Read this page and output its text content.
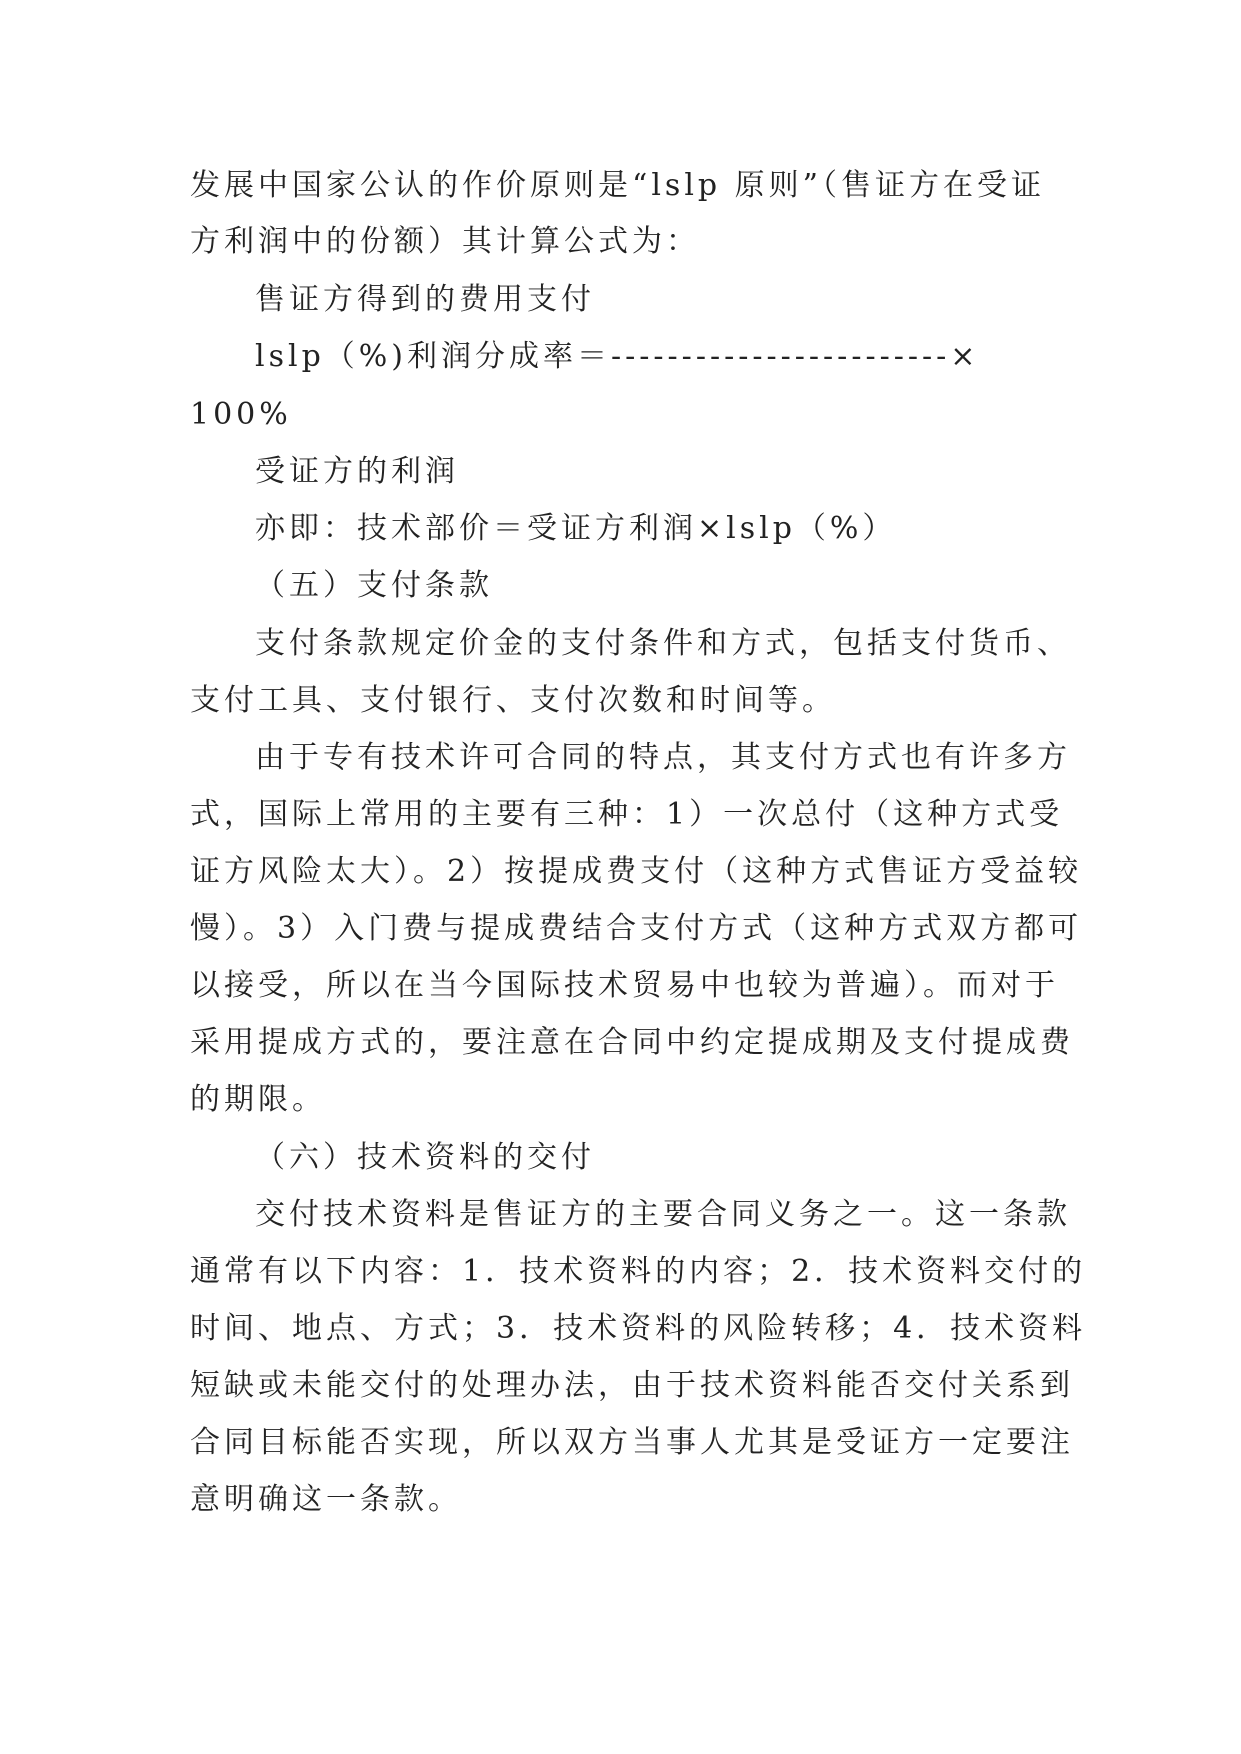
发展中国家公认的作价原则是“lslp 原则”（售证方在受证
方利润中的份额）其计算公式为：
售证方得到的费用支付
lslp（%)利润分成率＝------------------------×
100%
受证方的利润
亦即：技术部价＝受证方利润×lslp（%）
（五）支付条款
支付条款规定价金的支付条件和方式，包括支付货币、
支付工具、支付银行、支付次数和时间等。
由于专有技术许可合同的特点，其支付方式也有许多方
式，国际上常用的主要有三种：1）一次总付（这种方式受
证方风险太大）。2）按提成费支付（这种方式售证方受益较
慢）。3）入门费与提成费结合支付方式（这种方式双方都可
以接受，所以在当今国际技术贸易中也较为普遍）。而对于
采用提成方式的，要注意在合同中约定提成期及支付提成费
的期限。
（六）技术资料的交付
交付技术资料是售证方的主要合同义务之一。这一条款
通常有以下内容：1．技术资料的内容；2．技术资料交付的
时间、地点、方式；3．技术资料的风险转移；4．技术资料
短缺或未能交付的处理办法，由于技术资料能否交付关系到
合同目标能否实现，所以双方当事人尤其是受证方一定要注
意明确这一条款。
